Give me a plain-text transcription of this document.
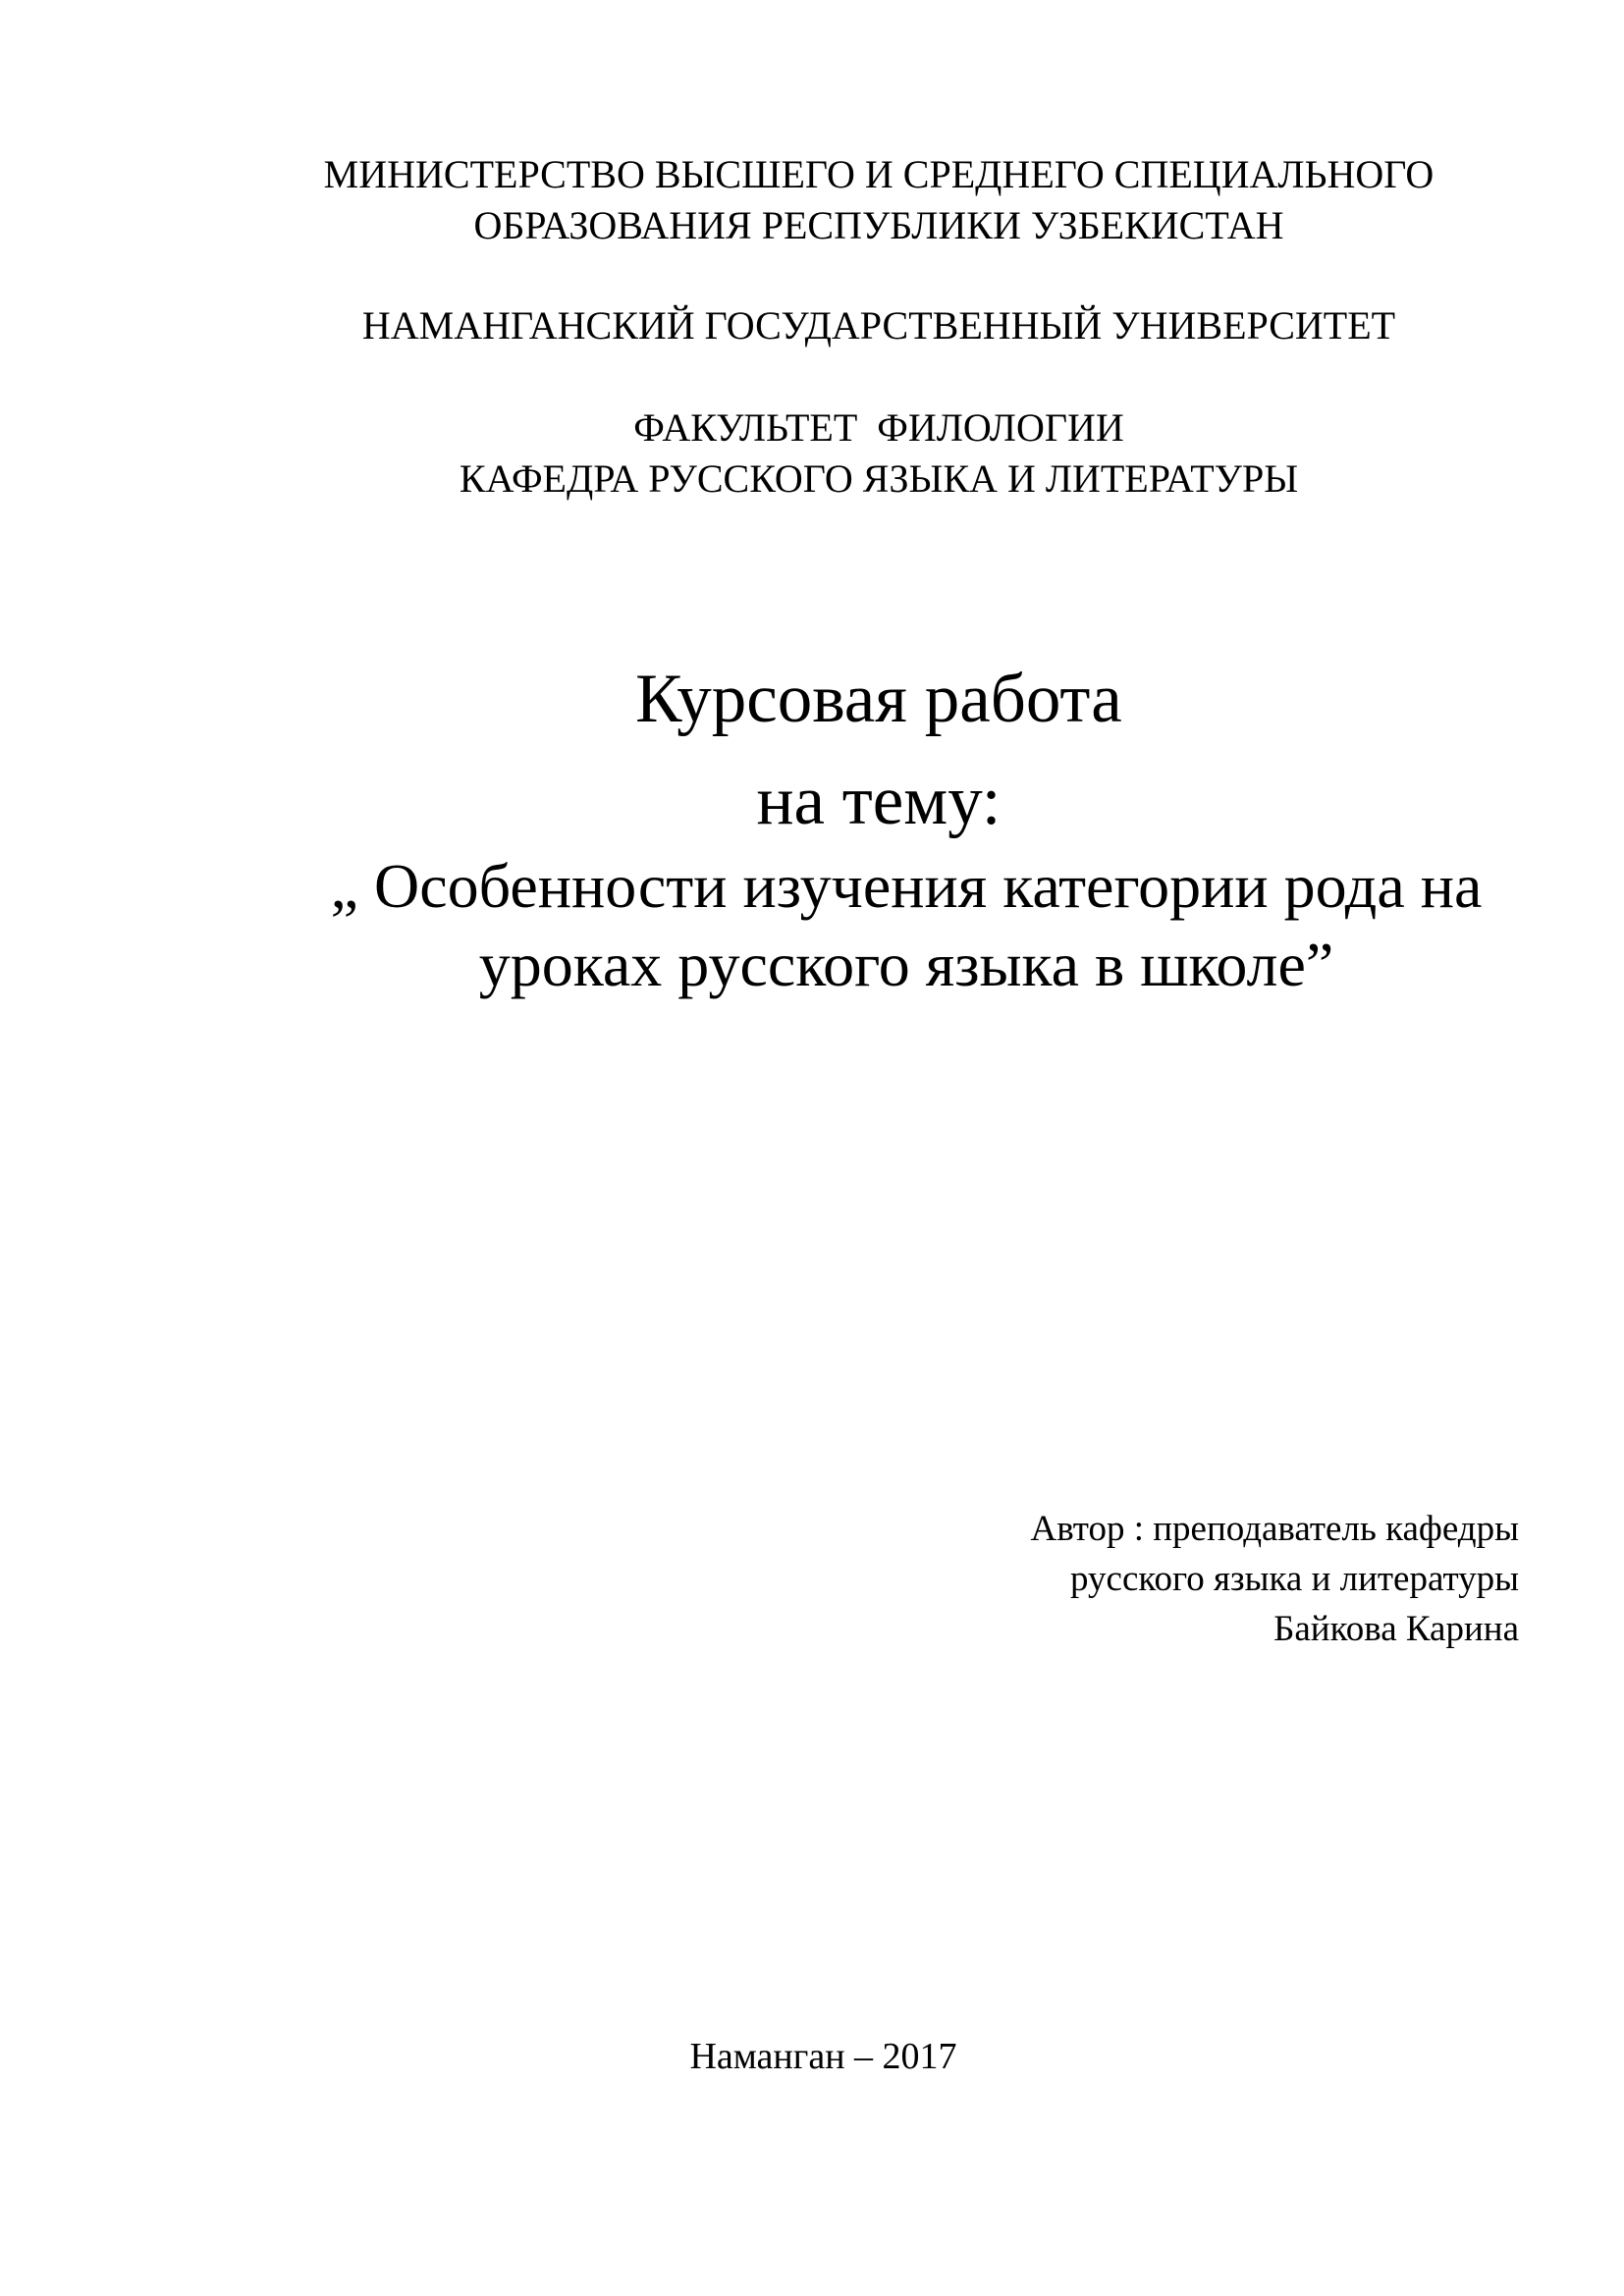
МИНИСТЕРСТВО ВЫСШЕГО И СРЕДНЕГО СПЕЦИАЛЬНОГО

ОБРАЗОВАНИЯ РЕСПУБЛИКИ УЗБЕКИСТАН

НАМАНГАНСКИЙ ГОСУДАРСТВЕННЫЙ УНИВЕРСИТЕТ

ФАКУЛЬТЕТ  ФИЛОЛОГИИ

КАФЕДРА РУССКОГО ЯЗЫКА И ЛИТЕРАТУРЫ

Курсовая работа

на тему:

„ Особенности изучения категории рода на

уроках русского языка в школе”

Автор : преподаватель кафедры

русского языка и литературы

Байкова Карина

Наманган – 2017
